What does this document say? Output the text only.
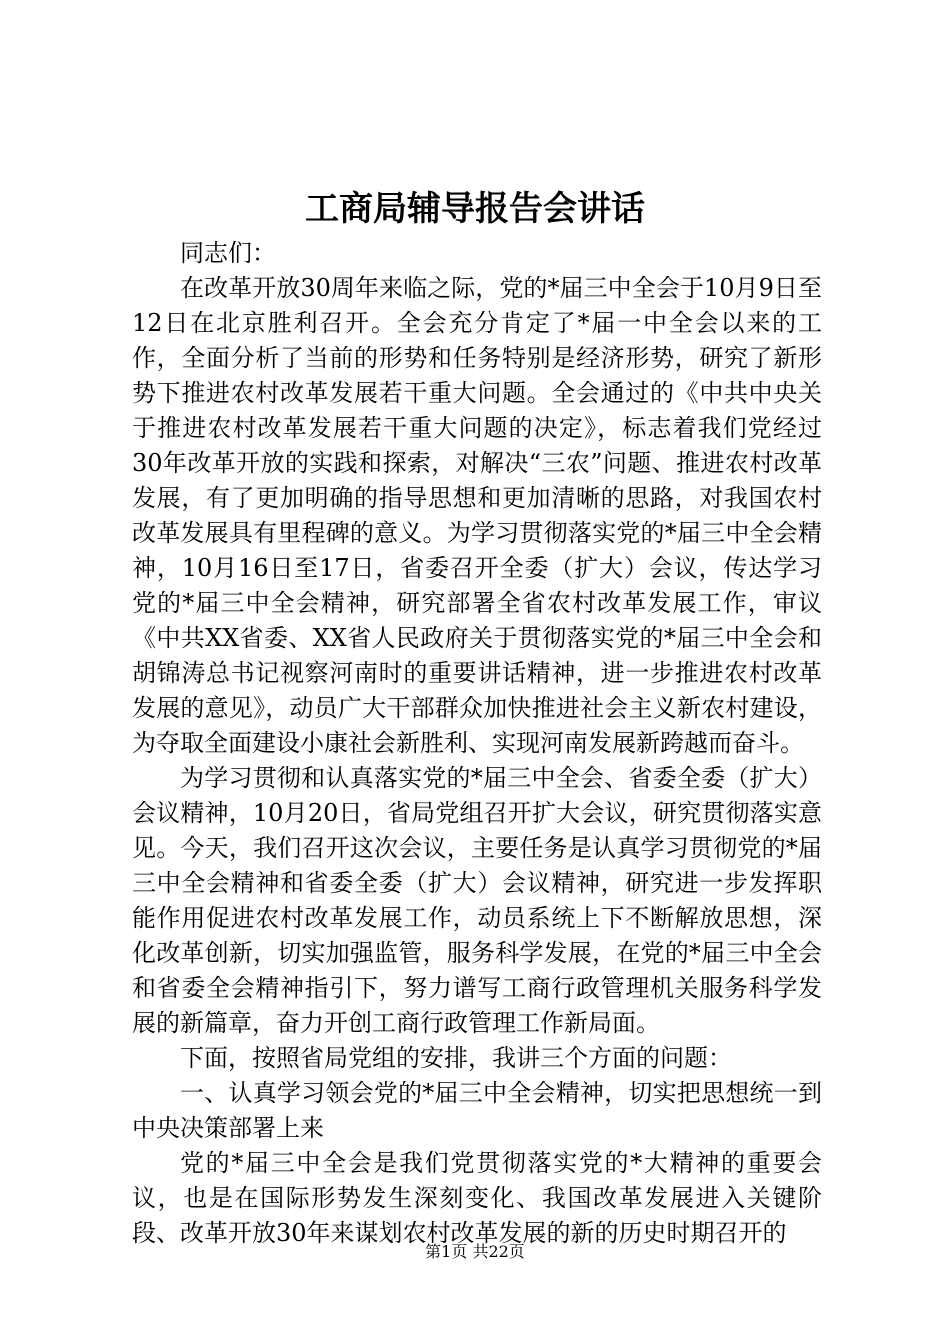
工商局辅导报告会讲话

同志们：

在改革开放30周年来临之际，党的*届三中全会于10月9日至12日在北京胜利召开。全会充分肯定了*届一中全会以来的工作，全面分析了当前的形势和任务特别是经济形势，研究了新形势下推进农村改革发展若干重大问题。全会通过的《中共中央关于推进农村改革发展若干重大问题的决定》，标志着我们党经过30年改革开放的实践和探索，对解决“三农”问题、推进农村改革发展，有了更加明确的指导思想和更加清晰的思路，对我国农村改革发展具有里程碑的意义。为学习贯彻落实党的*届三中全会精神，10月16日至17日，省委召开全委（扩大）会议，传达学习党的*届三中全会精神，研究部署全省农村改革发展工作，审议《中共XX省委、XX省人民政府关于贯彻落实党的*届三中全会和胡锦涛总书记视察河南时的重要讲话精神，进一步推进农村改革发展的意见》，动员广大干部群众加快推进社会主义新农村建设，为夺取全面建设小康社会新胜利、实现河南发展新跨越而奋斗。

为学习贯彻和认真落实党的*届三中全会、省委全委（扩大）会议精神，10月20日，省局党组召开扩大会议，研究贯彻落实意见。今天，我们召开这次会议，主要任务是认真学习贯彻党的*届三中全会精神和省委全委（扩大）会议精神，研究进一步发挥职能作用促进农村改革发展工作，动员系统上下不断解放思想，深化改革创新，切实加强监管，服务科学发展，在党的*届三中全会和省委全会精神指引下，努力谱写工商行政管理机关服务科学发展的新篇章，奋力开创工商行政管理工作新局面。

下面，按照省局党组的安排，我讲三个方面的问题：

一、认真学习领会党的*届三中全会精神，切实把思想统一到中央决策部署上来

党的*届三中全会是我们党贯彻落实党的*大精神的重要会议，也是在国际形势发生深刻变化、我国改革发展进入关键阶段、改革开放30年来谋划农村改革发展的新的历史时期召开的

第1页 共22页
